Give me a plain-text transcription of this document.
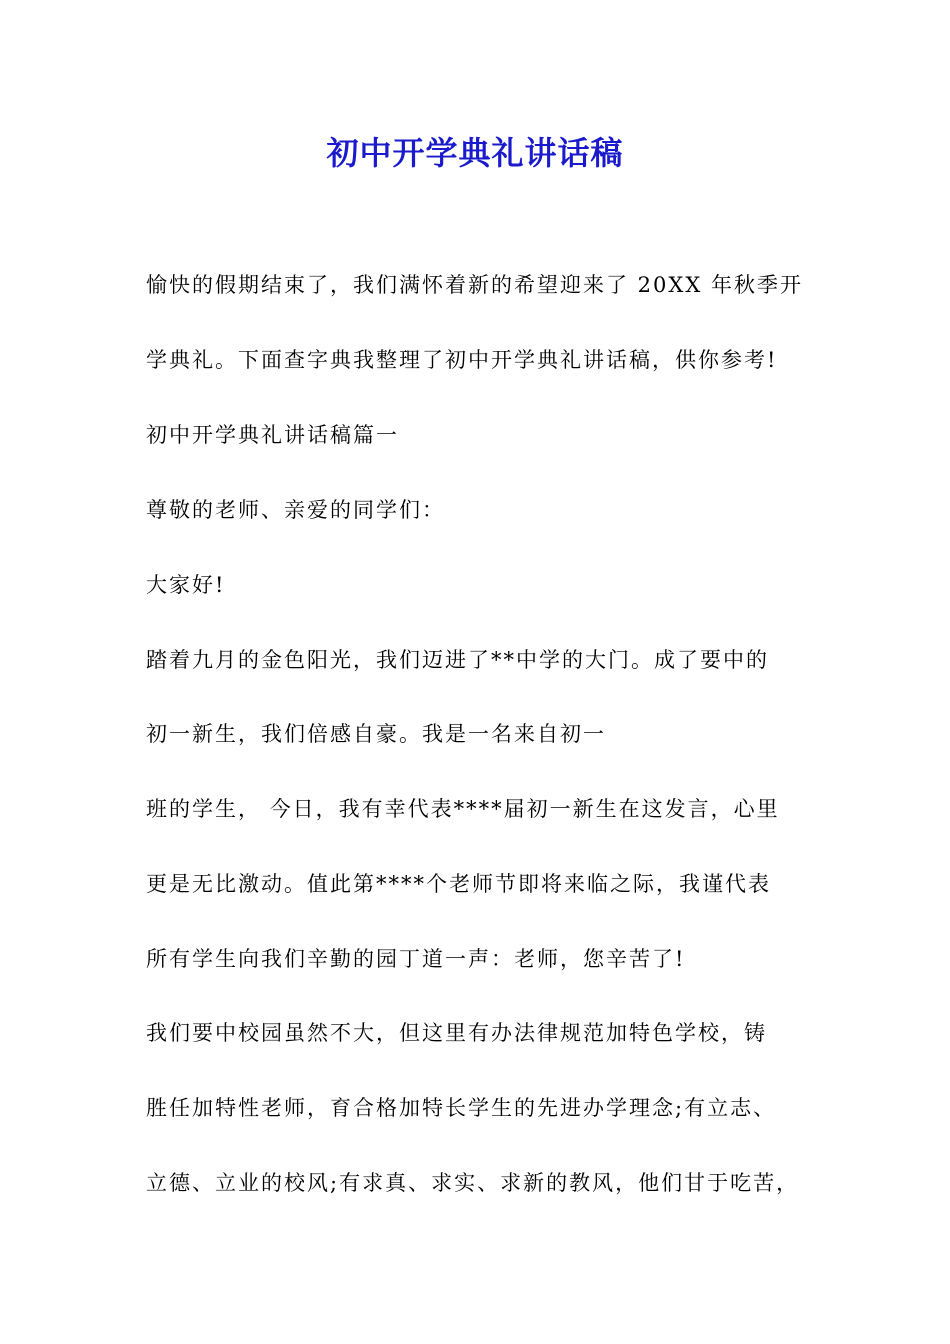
初中开学典礼讲话稿
愉快的假期结束了，我们满怀着新的希望迎来了 20XX 年秋季开
学典礼。下面查字典我整理了初中开学典礼讲话稿，供你参考!
初中开学典礼讲话稿篇一
尊敬的老师、亲爱的同学们：
大家好!
踏着九月的金色阳光，我们迈进了**中学的大门。成了要中的
初一新生，我们倍感自豪。我是一名来自初一
班的学生， 今日，我有幸代表****届初一新生在这发言，心里
更是无比激动。值此第****个老师节即将来临之际，我谨代表
所有学生向我们辛勤的园丁道一声：老师，您辛苦了!
我们要中校园虽然不大，但这里有办法律规范加特色学校，铸
胜任加特性老师，育合格加特长学生的先进办学理念;有立志、
立德、立业的校风;有求真、求实、求新的教风，他们甘于吃苦，
